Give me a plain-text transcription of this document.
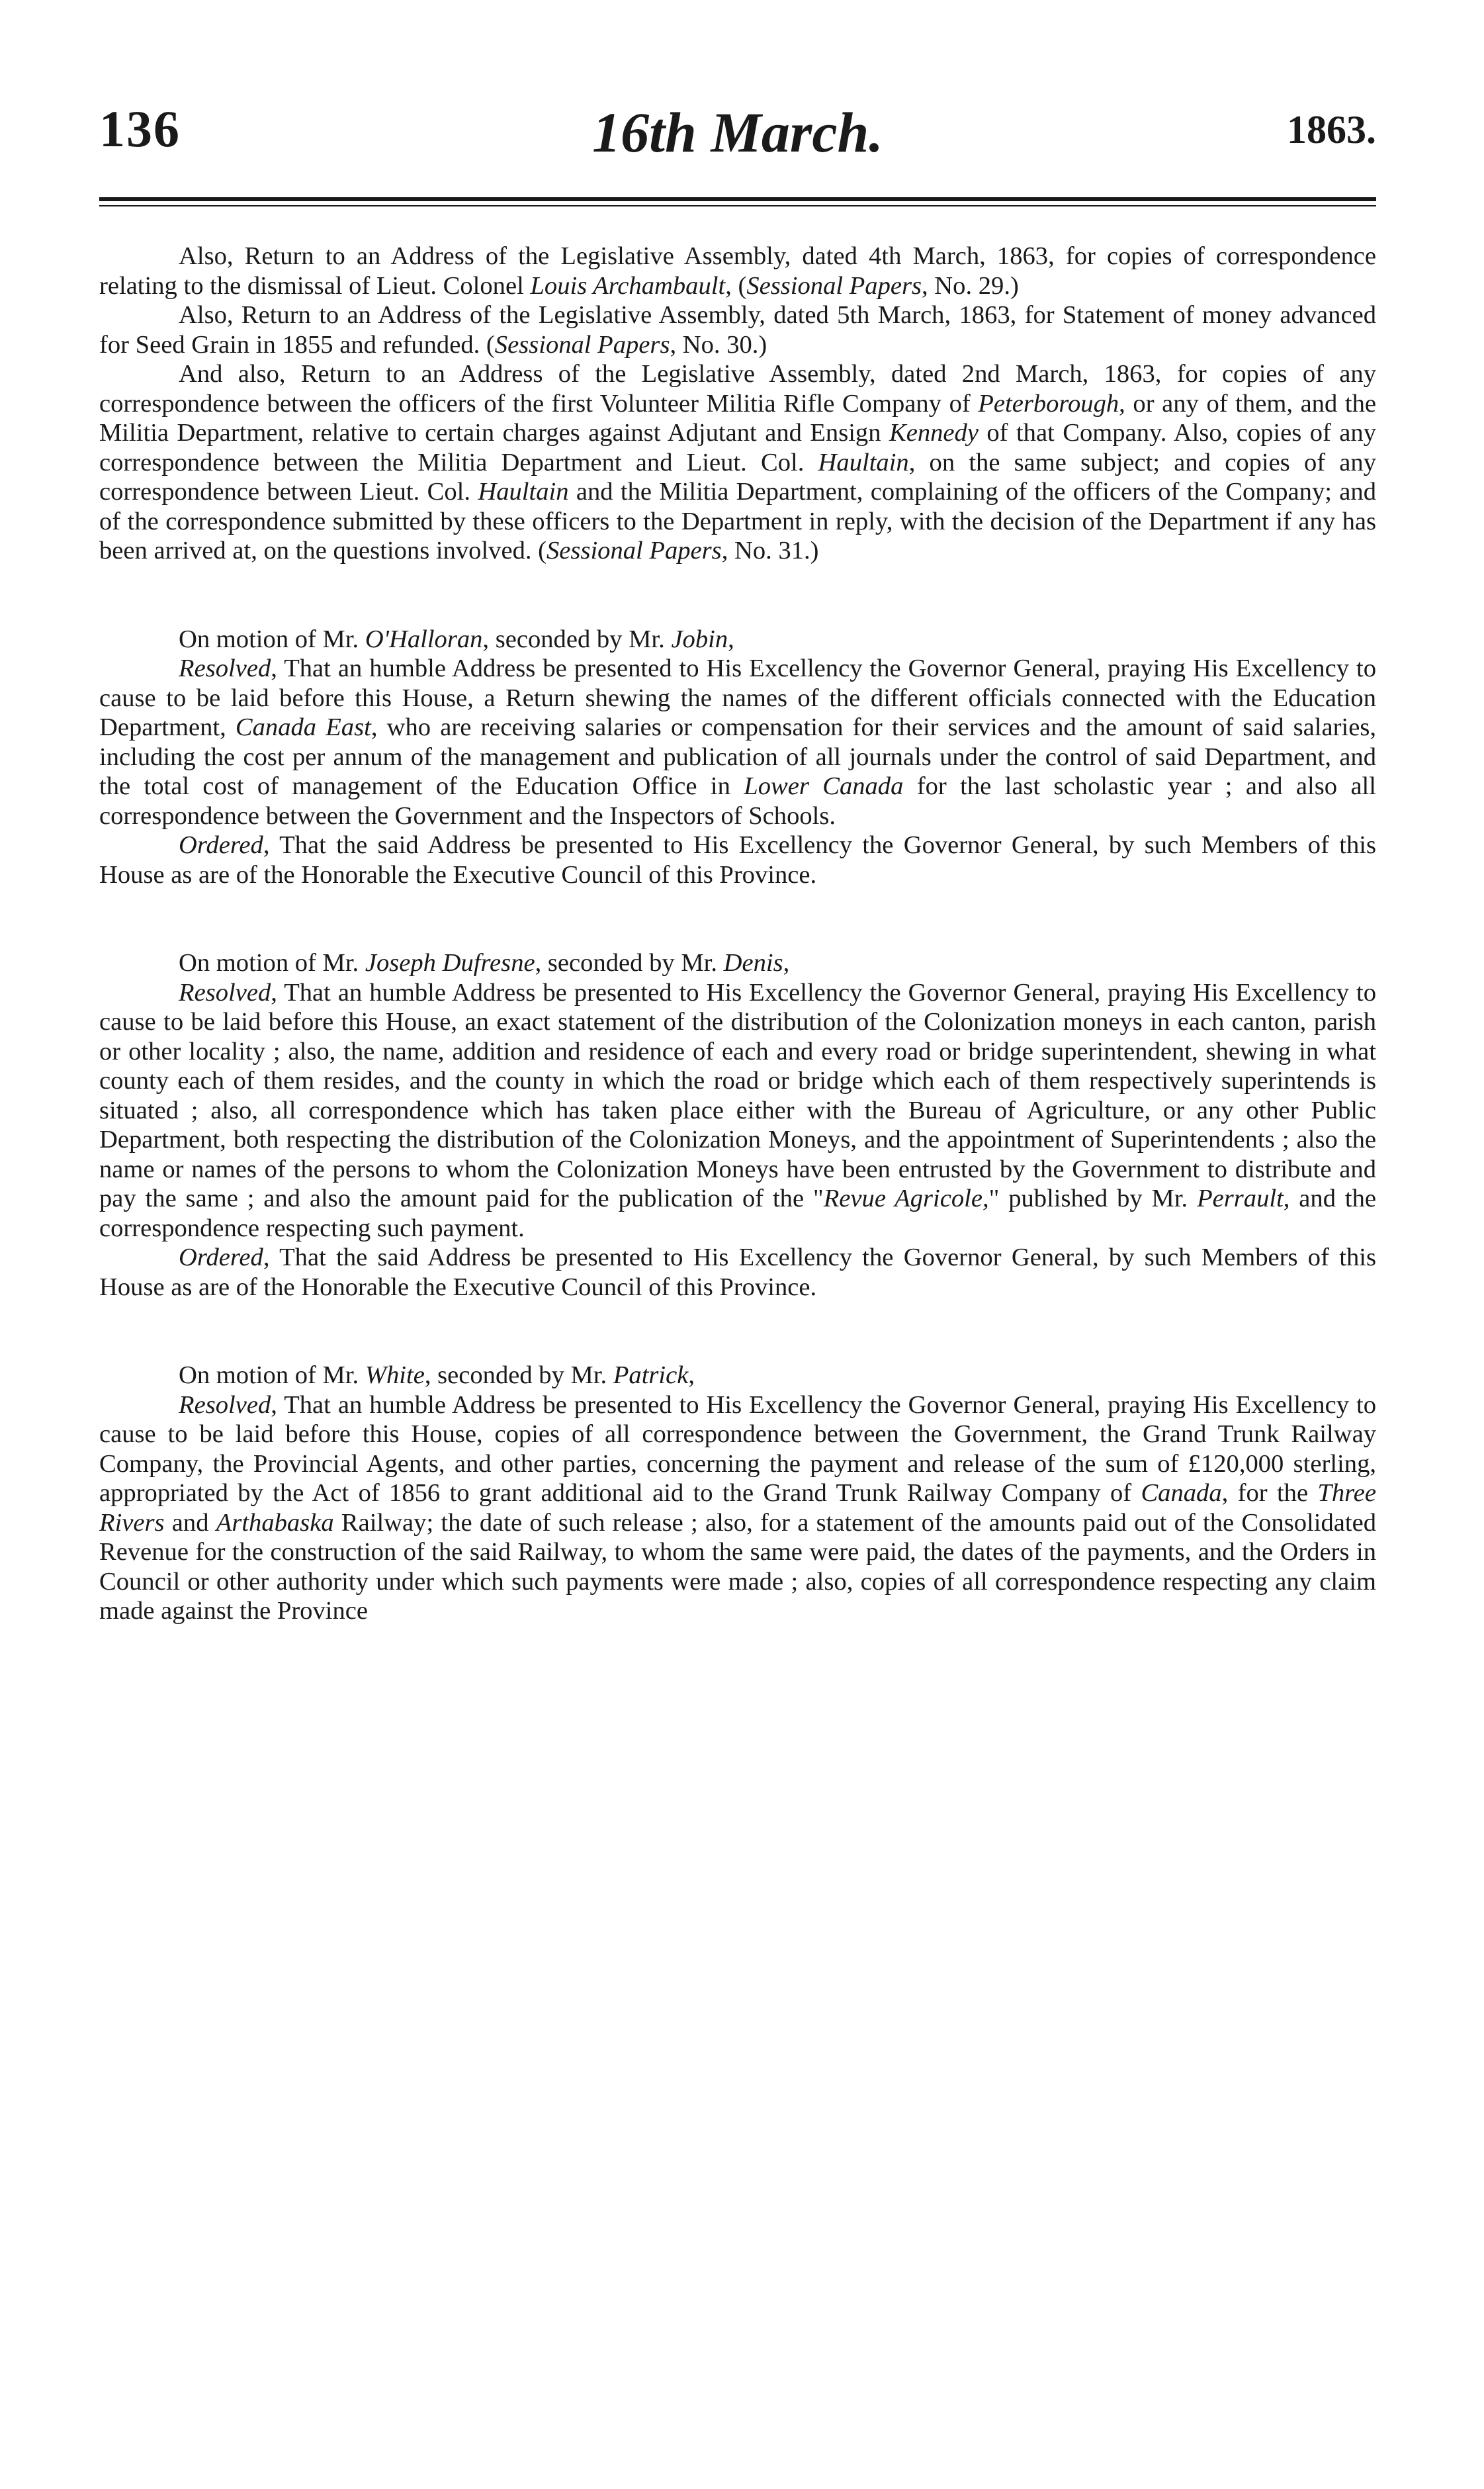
136	16th March.	1863.

Also, Return to an Address of the Legislative Assembly, dated 4th March, 1863, for copies of correspondence relating to the dismissal of Lieut. Colonel Louis Archambault, (Sessional Papers, No. 29.)

Also, Return to an Address of the Legislative Assembly, dated 5th March, 1863, for Statement of money advanced for Seed Grain in 1855 and refunded. (Sessional Papers, No. 30.)

And also, Return to an Address of the Legislative Assembly, dated 2nd March, 1863, for copies of any correspondence between the officers of the first Volunteer Militia Rifle Company of Peterborough, or any of them, and the Militia Department, relative to certain charges against Adjutant and Ensign Kennedy of that Company. Also, copies of any correspondence between the Militia Department and Lieut. Col. Haultain, on the same subject; and copies of any correspondence between Lieut. Col. Haultain and the Militia Department, complaining of the officers of the Company; and of the correspondence submitted by these officers to the Department in reply, with the decision of the Department if any has been arrived at, on the questions involved. (Sessional Papers, No. 31.)

On motion of Mr. O'Halloran, seconded by Mr. Jobin,

Resolved, That an humble Address be presented to His Excellency the Governor General, praying His Excellency to cause to be laid before this House, a Return shewing the names of the different officials connected with the Education Department, Canada East, who are receiving salaries or compensation for their services and the amount of said salaries, including the cost per annum of the management and publication of all journals under the control of said Department, and the total cost of management of the Education Office in Lower Canada for the last scholastic year ; and also all correspondence between the Government and the Inspectors of Schools.

Ordered, That the said Address be presented to His Excellency the Governor General, by such Members of this House as are of the Honorable the Executive Council of this Province.

On motion of Mr. Joseph Dufresne, seconded by Mr. Denis,

Resolved, That an humble Address be presented to His Excellency the Governor General, praying His Excellency to cause to be laid before this House, an exact statement of the distribution of the Colonization moneys in each canton, parish or other locality ; also, the name, addition and residence of each and every road or bridge superintendent, shewing in what county each of them resides, and the county in which the road or bridge which each of them respectively superintends is situated ; also, all correspondence which has taken place either with the Bureau of Agriculture, or any other Public Department, both respecting the distribution of the Colonization Moneys, and the appointment of Superintendents ; also the name or names of the persons to whom the Colonization Moneys have been entrusted by the Government to distribute and pay the same ; and also the amount paid for the publication of the "Revue Agricole," published by Mr. Perrault, and the correspondence respecting such payment.

Ordered, That the said Address be presented to His Excellency the Governor General, by such Members of this House as are of the Honorable the Executive Council of this Province.

On motion of Mr. White, seconded by Mr. Patrick,

Resolved, That an humble Address be presented to His Excellency the Governor General, praying His Excellency to cause to be laid before this House, copies of all correspondence between the Government, the Grand Trunk Railway Company, the Provincial Agents, and other parties, concerning the payment and release of the sum of £120,000 sterling, appropriated by the Act of 1856 to grant additional aid to the Grand Trunk Railway Company of Canada, for the Three Rivers and Arthabaska Railway; the date of such release ; also, for a statement of the amounts paid out of the Consolidated Revenue for the construction of the said Railway, to whom the same were paid, the dates of the payments, and the Orders in Council or other authority under which such payments were made ; also, copies of all correspondence respecting any claim made against the Province
